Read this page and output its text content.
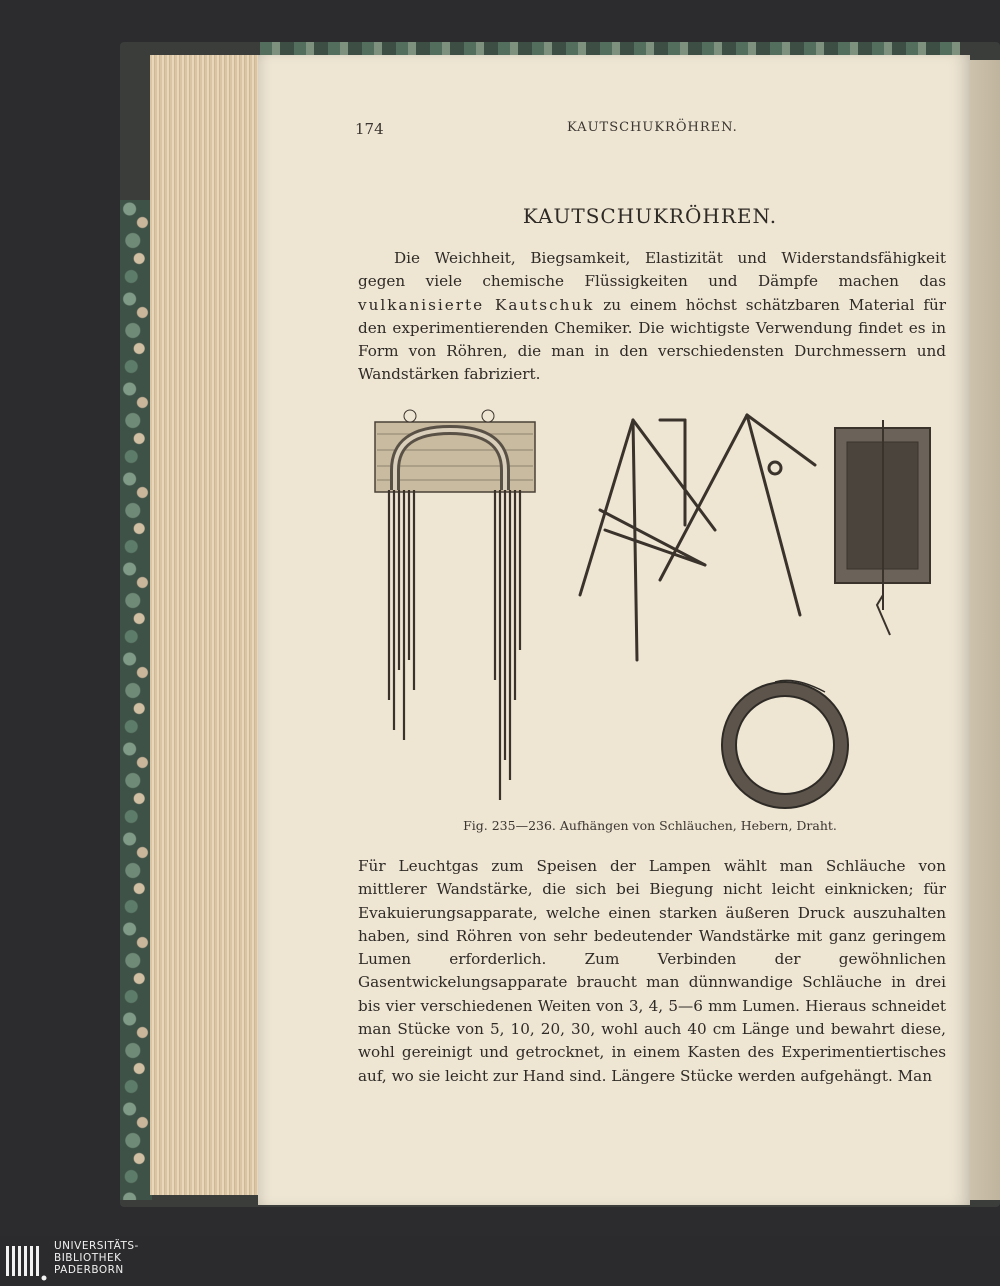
174	KAUTSCHUKRÖHREN.
KAUTSCHUKRÖHREN.

Die Weichheit, Biegsamkeit, Elastizität und Widerstandsfähigkeit gegen viele chemische Flüssigkeiten und Dämpfe machen das vulkanisierte Kautschuk zu einem höchst schätzbaren Material für den experimentierenden Chemiker. Die wichtigste Verwendung findet es in Form von Röhren, die man in den verschiedensten Durchmessern und Wandstärken fabriziert.

Fig. 235—236. Aufhängen von Schläuchen, Hebern, Draht.

Für Leuchtgas zum Speisen der Lampen wählt man Schläuche von mittlerer Wandstärke, die sich bei Biegung nicht leicht einknicken; für Evakuierungsapparate, welche einen starken äußeren Druck auszuhalten haben, sind Röhren von sehr bedeutender Wandstärke mit ganz geringem Lumen erforderlich. Zum Verbinden der gewöhnlichen Gasentwickelungsapparate braucht man dünnwandige Schläuche in drei bis vier verschiedenen Weiten von 3, 4, 5—6 mm Lumen. Hieraus schneidet man Stücke von 5, 10, 20, 30, wohl auch 40 cm Länge und bewahrt diese, wohl gereinigt und getrocknet, in einem Kasten des Experimentiertisches auf, wo sie leicht zur Hand sind. Längere Stücke werden aufgehängt. Man

UNIVERSITÄTS-
BIBLIOTHEK
PADERBORN
